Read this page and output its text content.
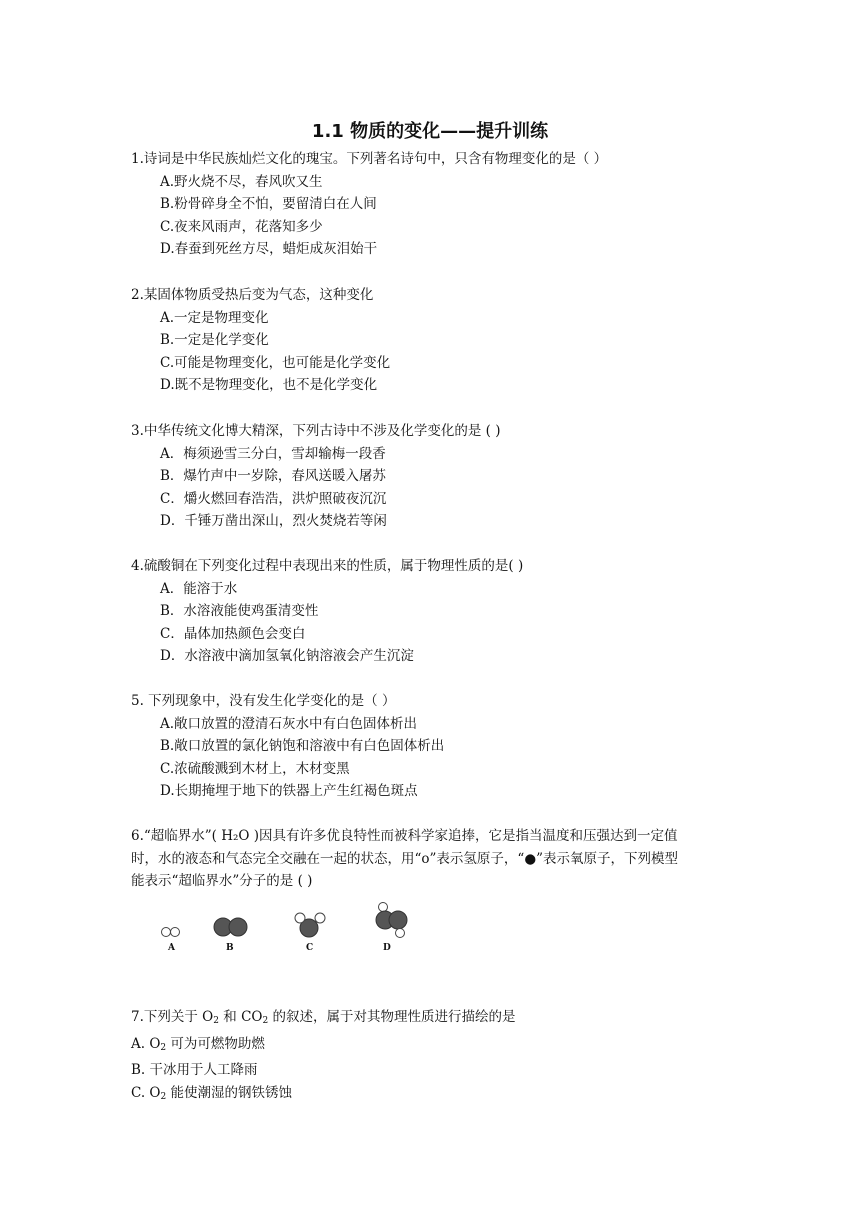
1.1 物质的变化——提升训练
1.诗词是中华民族灿烂文化的瑰宝。下列著名诗句中，只含有物理变化的是（ ）
A.野火烧不尽，春风吹又生
B.粉骨碎身全不怕，要留清白在人间
C.夜来风雨声，花落知多少
D.春蚕到死丝方尽，蜡炬成灰泪始干
2.某固体物质受热后变为气态，这种变化
A.一定是物理变化
B.一定是化学变化
C.可能是物理变化，也可能是化学变化
D.既不是物理变化，也不是化学变化
3.中华传统文化博大精深，下列古诗中不涉及化学变化的是 ( )
A．梅须逊雪三分白，雪却输梅一段香
B．爆竹声中一岁除，春风送暖入屠苏
C．爝火燃回春浩浩，洪炉照破夜沉沉
D．千锤万凿出深山，烈火焚烧若等闲
4.硫酸铜在下列变化过程中表现出来的性质，属于物理性质的是( )
A．能溶于水
B．水溶液能使鸡蛋清变性
C．晶体加热颜色会变白
D．水溶液中滴加氢氧化钠溶液会产生沉淀
5. 下列现象中，没有发生化学变化的是（ ）
A.敞口放置的澄清石灰水中有白色固体析出
B.敞口放置的氯化钠饱和溶液中有白色固体析出
C.浓硫酸溅到木材上，木材变黑
D.长期掩埋于地下的铁器上产生红褐色斑点
6.“超临界水”( H₂O )因具有许多优良特性而被科学家追捧，它是指当温度和压强达到一定值
时，水的液态和气态完全交融在一起的状态，用“o”表示氢原子，“●”表示氧原子，下列模型
能表示“超临界水”分子的是 ( )
A	B	C	D
7.下列关于 $O_2$ 和 $CO_2$ 的叙述，属于对其物理性质进行描绘的是
A. $O_2$ 可为可燃物助燃
B. 干冰用于人工降雨
C. $O_2$ 能使潮湿的钢铁锈蚀
